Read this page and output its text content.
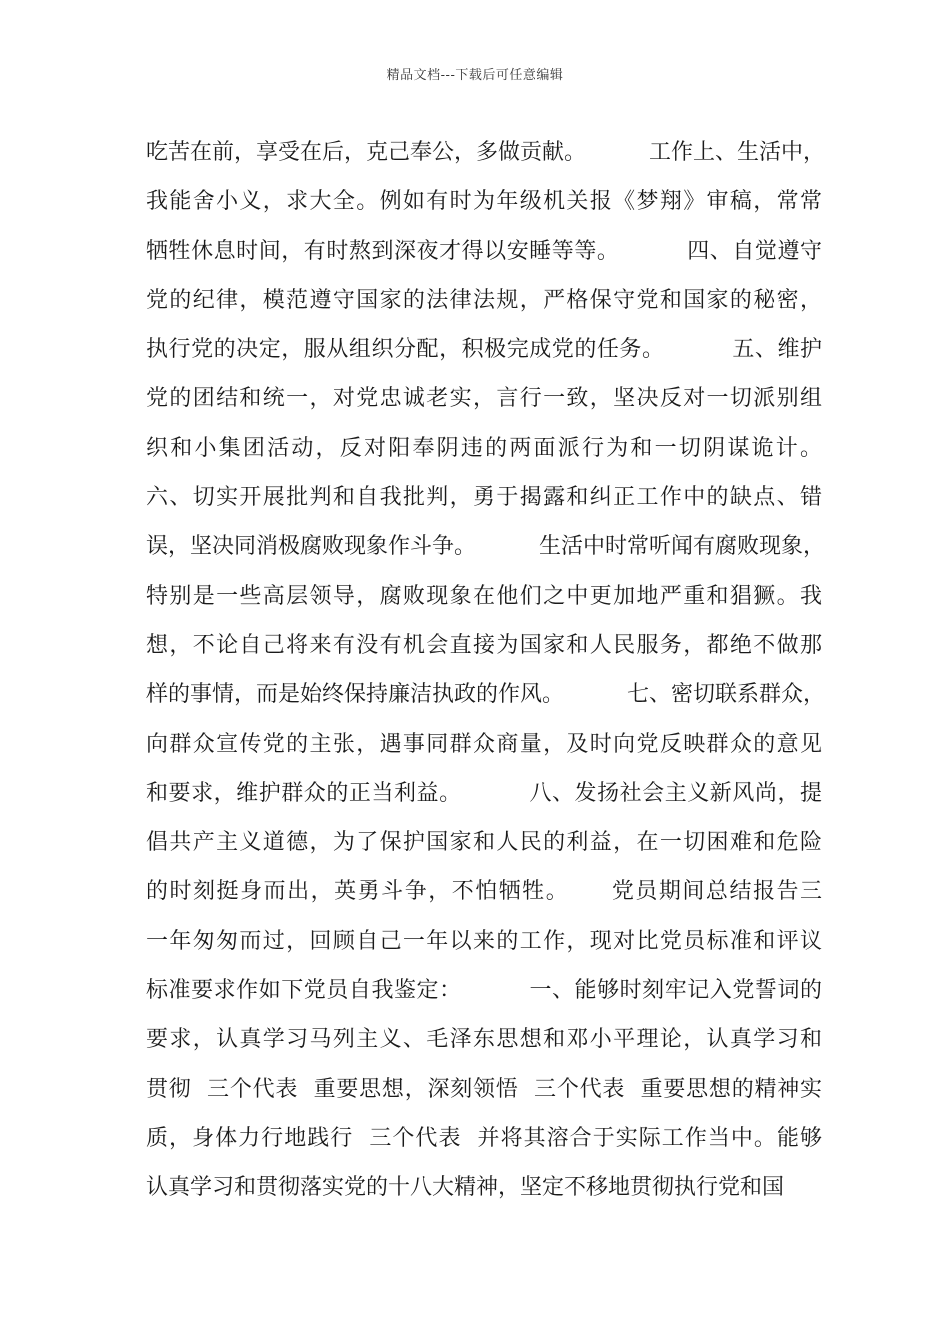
精品文档---下载后可任意编辑
吃苦在前，享受在后，克己奉公，多做贡献。         工作上、生活中，
我能舍小义，求大全。例如有时为年级机关报《梦翔》审稿，常常
牺牲休息时间，有时熬到深夜才得以安睡等等。         四、自觉遵守
党的纪律，模范遵守国家的法律法规，严格保守党和国家的秘密，
执行党的决定，服从组织分配，积极完成党的任务。         五、维护
党的团结和统一，对党忠诚老实，言行一致，坚决反对一切派别组
织和小集团活动，反对阳奉阴违的两面派行为和一切阴谋诡计。
六、切实开展批判和自我批判，勇于揭露和纠正工作中的缺点、错
误，坚决同消极腐败现象作斗争。         生活中时常听闻有腐败现象，
特别是一些高层领导，腐败现象在他们之中更加地严重和猖獗。我
想，不论自己将来有没有机会直接为国家和人民服务，都绝不做那
样的事情，而是始终保持廉洁执政的作风。         七、密切联系群众，
向群众宣传党的主张，遇事同群众商量，及时向党反映群众的意见
和要求，维护群众的正当利益。         八、发扬社会主义新风尚，提
倡共产主义道德，为了保护国家和人民的利益，在一切困难和危险
的时刻挺身而出，英勇斗争，不怕牺牲。     党员期间总结报告三
一年匆匆而过，回顾自己一年以来的工作，现对比党员标准和评议
标准要求作如下党员自我鉴定：         一、能够时刻牢记入党誓词的
要求，认真学习马列主义、毛泽东思想和邓小平理论，认真学习和
贯彻  三个代表  重要思想，深刻领悟  三个代表  重要思想的精神实
质，身体力行地践行  三个代表  并将其溶合于实际工作当中。能够
认真学习和贯彻落实党的十八大精神，坚定不移地贯彻执行党和国
